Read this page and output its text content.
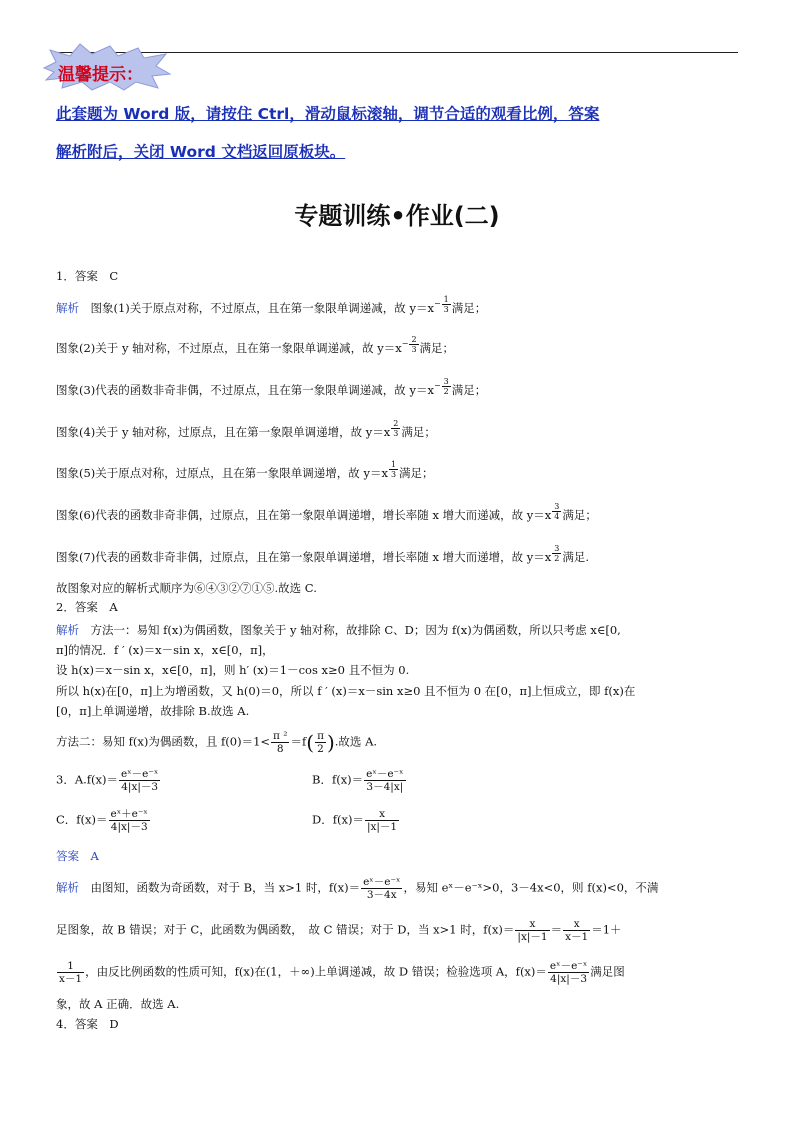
温馨提示：
此套题为 Word 版，请按住 Ctrl，滑动鼠标滚轴，调节合适的观看比例，答案
解析附后，关闭 Word 文档返回原板块。
专题训练•作业(二)
1．答案　C
解析　 图象(1)关于原点对称，不过原点，且在第一象限单调递减，故 $y=x^{- \frac{1}{3}}$ 满足；
图象(2)关于 y 轴对称，不过原点，且在第一象限单调递减，故 $y=x^{- \frac{2}{3}}$ 满足；
图象(3)代表的函数非奇非偶，不过原点，且在第一象限单调递减，故 $y=x^{- \frac{3}{2}}$ 满足；
图象(4)关于 y 轴对称，过原点，且在第一象限单调递增，故 y＝x $^{\frac{2}{3}}$ 满足；
图象(5)关于原点对称，过原点，且在第一象限单调递增，故 y＝x $^{\frac{1}{3}}$ 满足；
图象(6)代表的函数非奇非偶，过原点，且在第一象限单调递增，增长率随 x 增大而递减，故 y＝x $^{\frac{3}{4}}$ 满足；
图象(7)代表的函数非奇非偶，过原点，且在第一象限单调递增，增长率随 x 增大而递增，故 y＝x $^{\frac{3}{2}}$ 满足.
故图象对应的解析式顺序为⑥④③②⑦①⑤.故选 C.
2．答案　A
解析　 方法一：易知 f(x)为偶函数，图象关于 y 轴对称，故排除 C、D；因为 f(x)为偶函数，所以只考虑 x∈[0,
π]的情况．f ′ (x)＝x－sin x，x∈[0，π]，
设 h(x)＝x－sin x，x∈[0，π]，则 h′ (x)＝1－cos x≥0 且不恒为 0.
所以 h(x)在[0，π]上为增函数，又 h(0)＝0，所以 f ′ (x)＝x－sin x≥0 且不恒为 0 在[0，π]上恒成立，即 f(x)在
[0，π]上单调递增，故排除 B.故选 A.
方法二：易知 f(x)为偶函数，且 $f(0)=1< \frac{\text{π ²}}{8} =f( \frac{\pi}{2}$ ).故选 A.
3．$A.f(x)= \frac{\text{eˣ－e⁻ˣ}}{4|x|-3}$	B．$f(x)= \frac{\text{eˣ－e⁻ˣ}}{3-4|x|}$
C．$f(x)= \frac{\text{eˣ＋e⁻ˣ}}{4|x|-3}$	D．$f(x)= \frac{x}{|x|-1}$
答案　A
解析　 由图知，函数为奇函数，对于 B，当 x>1 时，$f(x)= \frac{\text{eˣ－e⁻ˣ}}{3-4x}$ ，易知 eˣ－e⁻ˣ>0，3－4x<0，则 f(x)<0，不满
足图象，故 B 错误；对于 C，此函数为偶函数，　故 C 错误；对于 D，当 x>1 时，$f(x)= \frac{x}{|x|-1} = \frac{x}{x-1} =1+$
$\frac{1}{x-1}$ ，由反比例函数的性质可知，f(x)在(1，＋∞)上单调递减，故 D 错误；检验选项 A，$f(x)= \frac{\text{eˣ－e⁻ˣ}}{4|x|-3}$ 满足图
象，故 A 正确．故选 A.
4．答案　D
